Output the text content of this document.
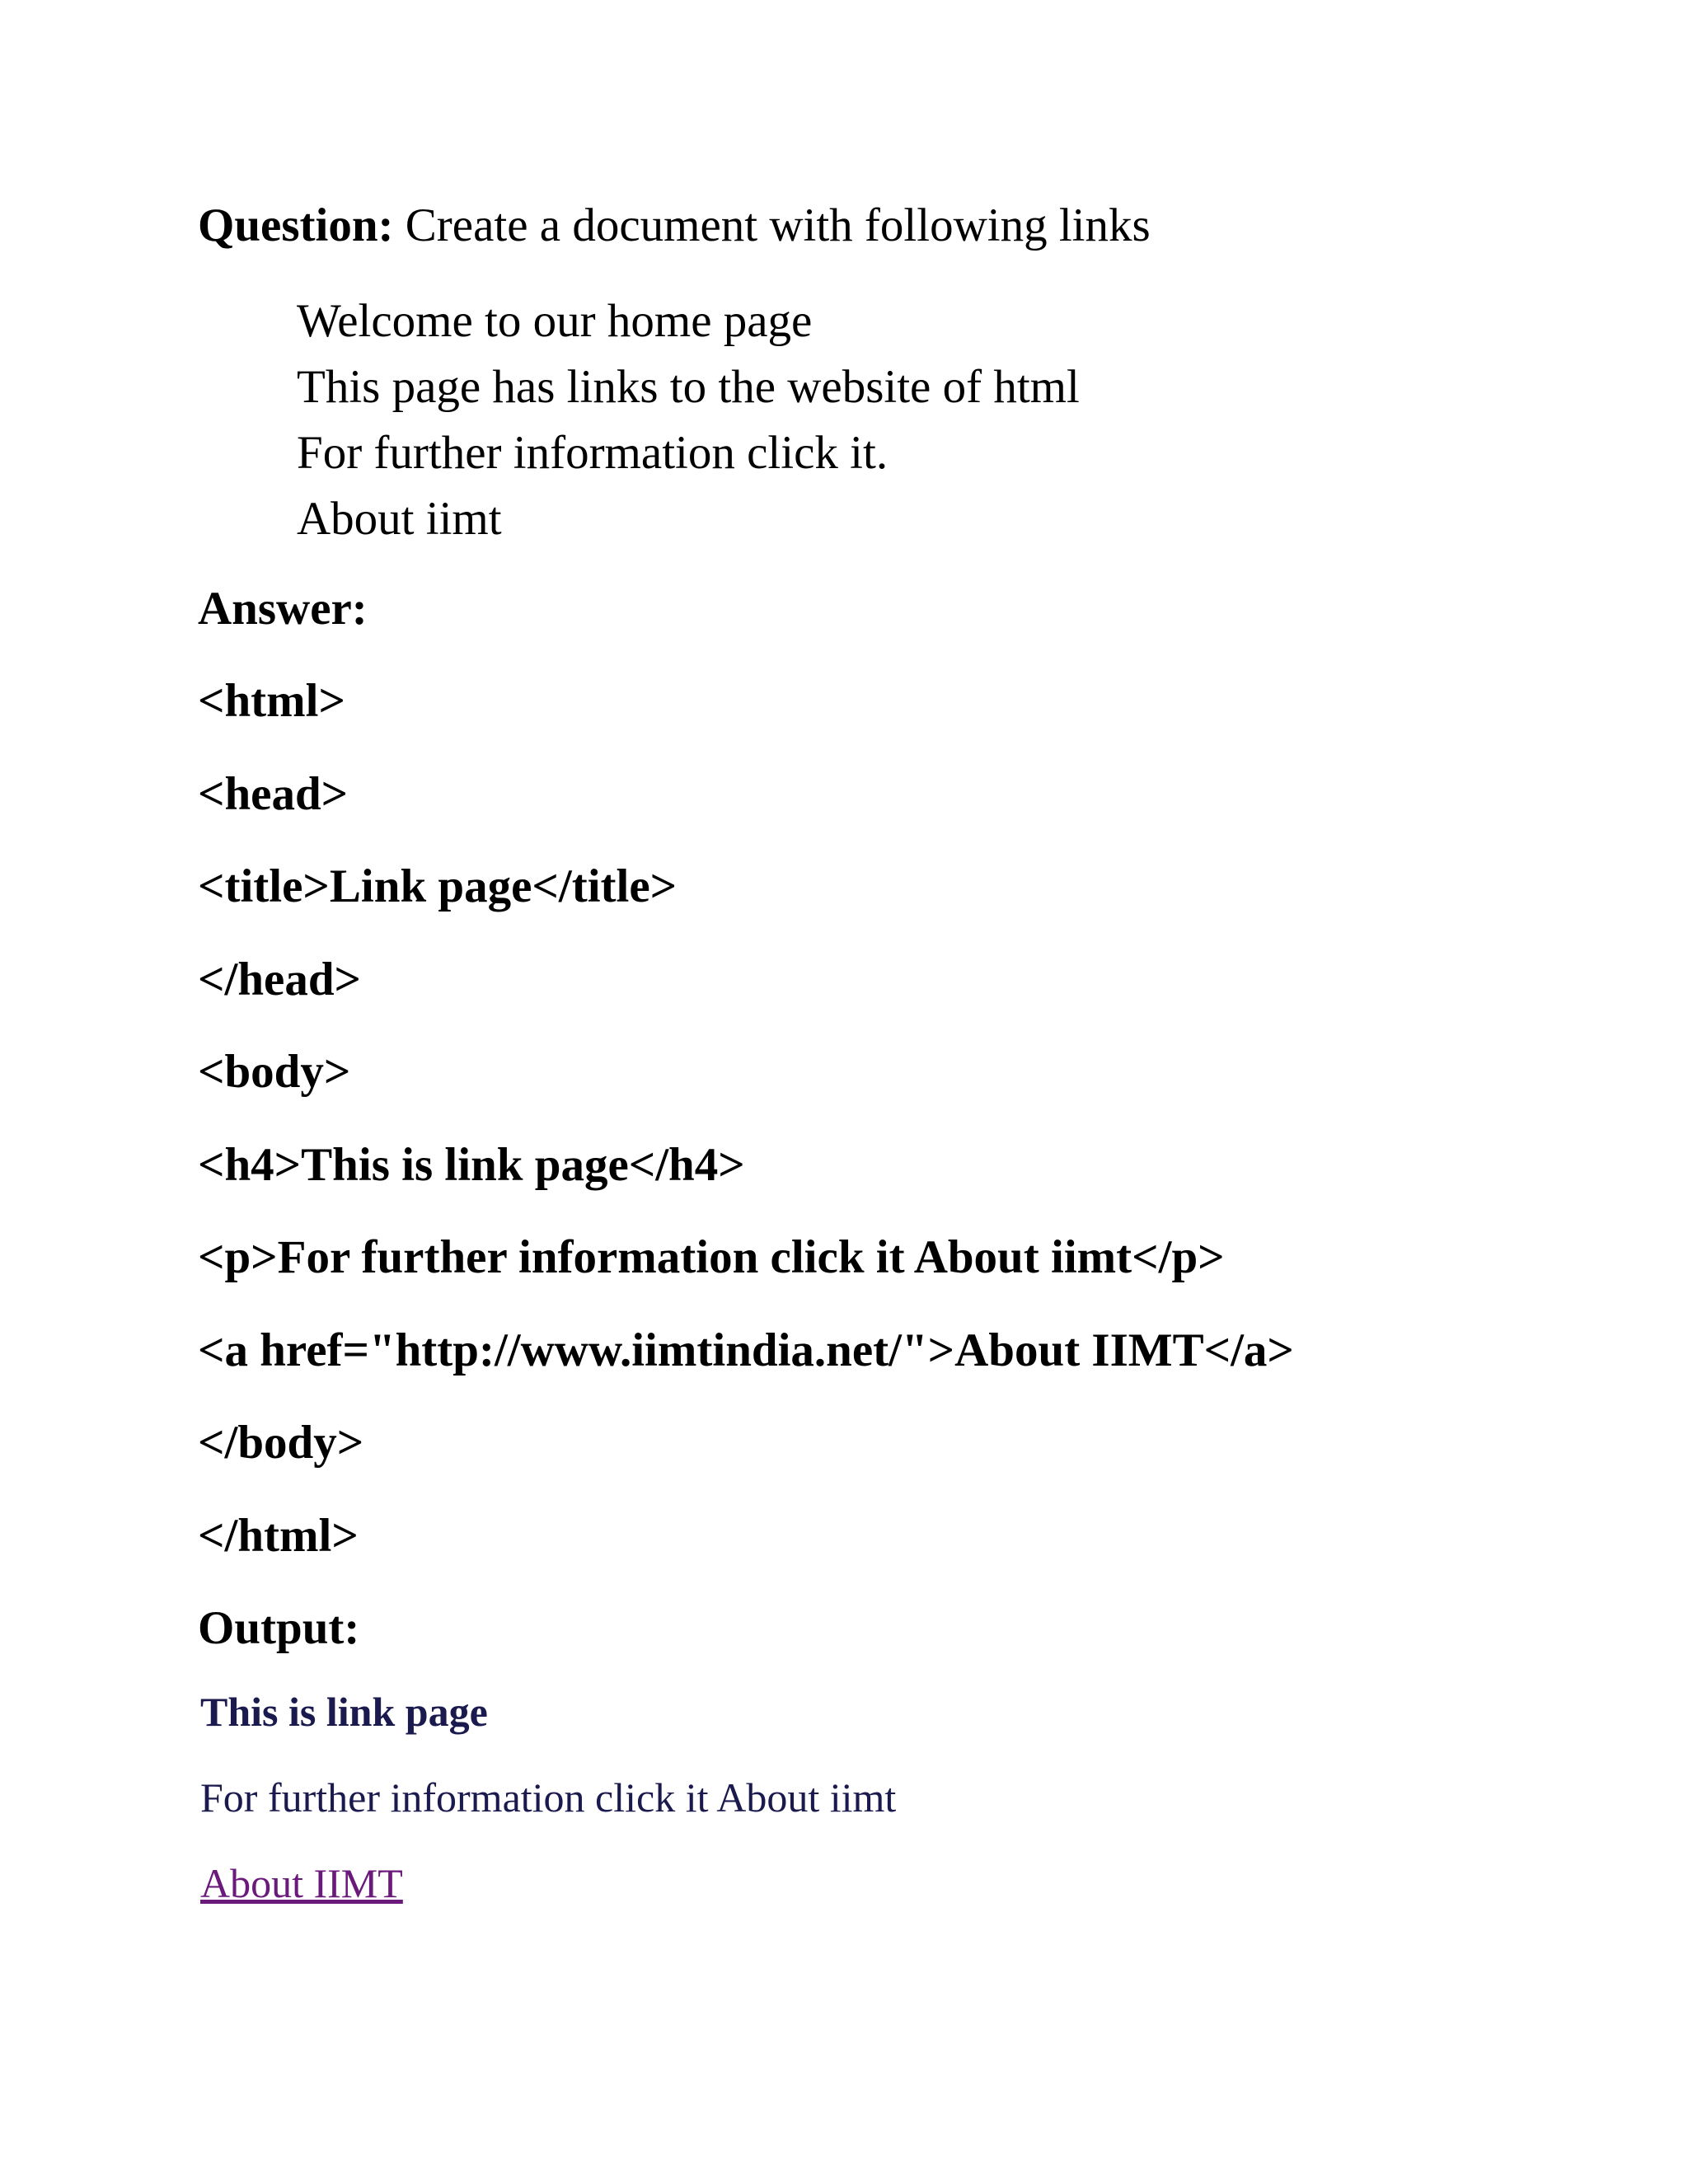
Question: Create a document with following links
Welcome to our home page
This page has links to the website of html
For further information click it.
About iimt
Answer:
<html>
<head>
<title>Link page</title>
</head>
<body>
<h4>This is link page</h4>
<p>For further information click it About iimt</p>
<a href="http://www.iimtindia.net/">About IIMT</a>
</body>
</html>
Output:
This is link page
For further information click it About iimt
About IIMT
